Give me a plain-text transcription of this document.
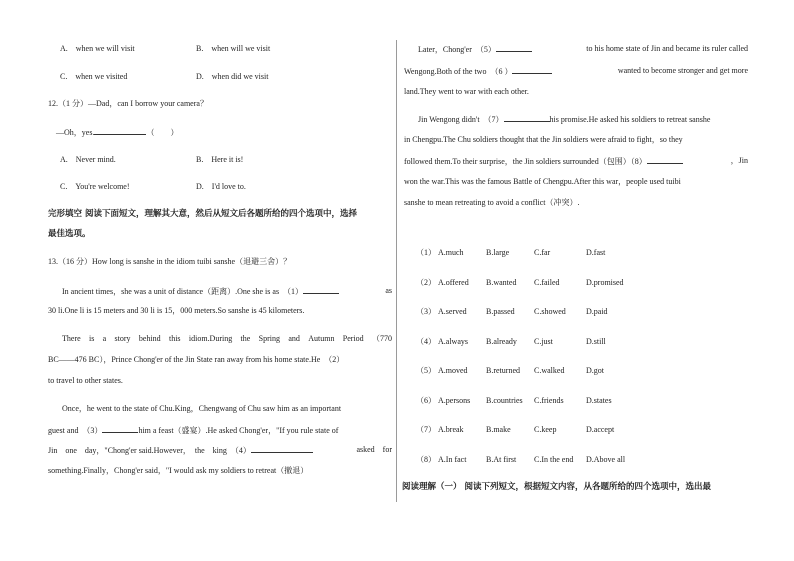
A.　when we will visit	B.　when will we visit
C.　when we visited	D.　when did we visit
12.（1 分）—Dad，can I borrow your camera？
—Oh，yes.	（　　）
A.　Never mind.	B.　Here it is!
C.　You're welcome!	D.　I'd love to.
完形填空 阅读下面短文，理解其大意，然后从短文后各题所给的四个选项中，选择
最佳选项。
13.（16 分）How long is sanshe in the idiom tuibi sanshe（退避三舍）？
In ancient times，she was a unit of distance（距离）.One she is as　（1）	as
30 li.One li is 15 meters and 30 li is 15，000 meters.So sanshe is 45 kilometers.
There is a story behind this idiom.During the Spring and Autumn Period （770
BC——476 BC），Prince Chong'er of the Jin State ran away from his home state.He　（2）
to travel to other states.
Once，he went to the state of Chu.King，Chengwang of Chu saw him as an important
guest and　（3）	him a feast（盛宴）.He asked Chong'er，"If you rule state of
Jin　one　day，"Chong'er said.However，　the　king　（4）	asked　for
something.Finally，Chong'er said，"I would ask my soldiers to retreat（撤退）
Later，Chong'er　（5）	to his home state of Jin and became its ruler called
Wengong.Both of the two　（6 ）	wanted to become stronger and get more
land.They went to war with each other.
Jin Wengong didn't　（7）	his promise.He asked his soldiers to retreat sanshe
in Chengpu.The Chu soldiers thought that the Jin soldiers were afraid to fight，so they
followed them.To their surprise，the Jin soldiers surrounded（包围）（8）	，Jin
won the war.This was the famous Battle of Chengpu.After this war，people used tuibi
sanshe to mean retreating to avoid a conflict（冲突）.
（1） A.much	B.large	C.far	D.fast
（2） A.offered B.wanted C.failed	D.promised
（3） A.served B.passed C.showed	D.paid
（4） A.always B.already C.just	D.still
（5） A.moved B.returned C.walked	D.got
（6） A.persons B.countries C.friends	D.states
（7） A.break	B.make	C.keep	D.accept
（8） A.In fact B.At first C.In the end D.Above all
阅读理解（一） 阅读下列短文，根据短文内容，从各题所给的四个选项中，选出最
